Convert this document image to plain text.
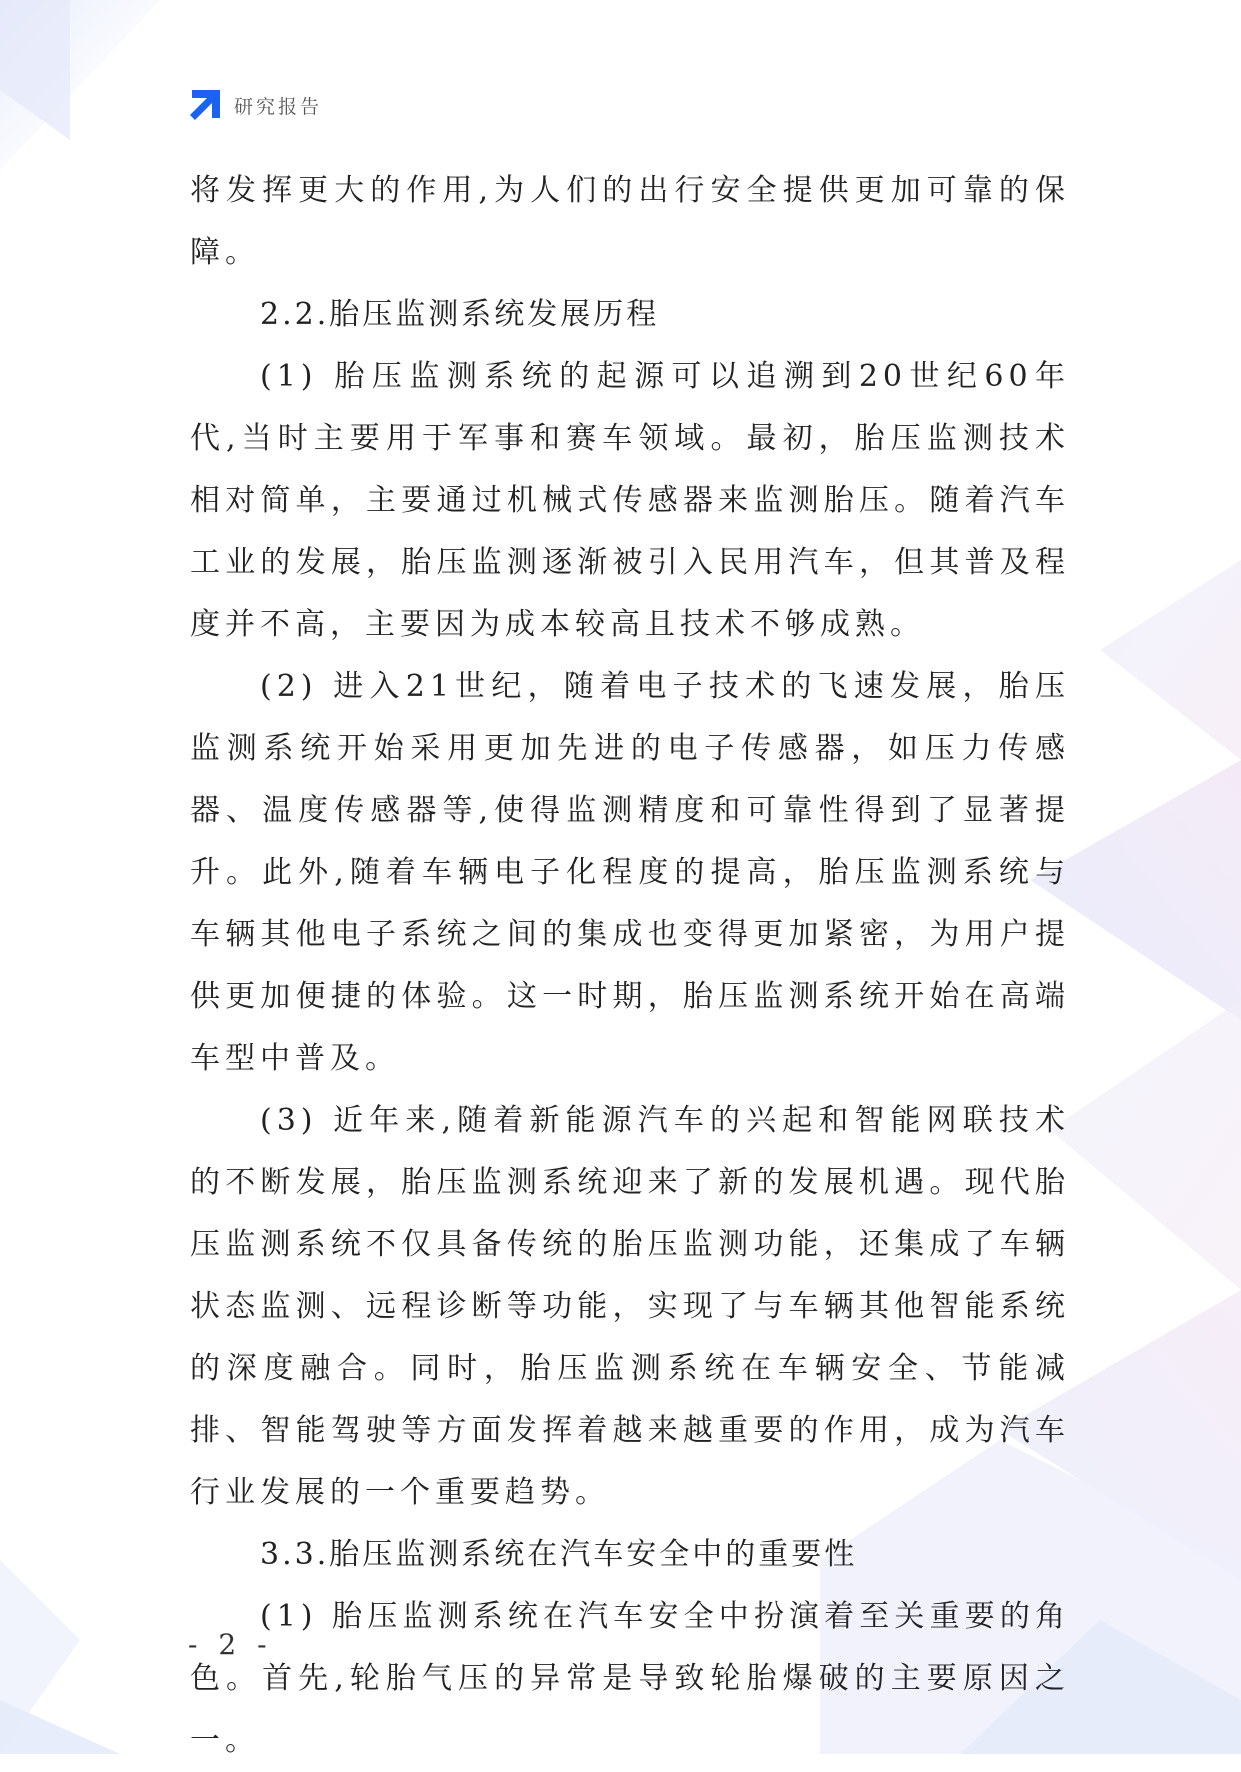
研究报告

将发挥更大的作用,为人们的出行安全提供更加可靠的保障。

2.2.胎压监测系统发展历程

(1) 胎压监测系统的起源可以追溯到20世纪60年代,当时主要用于军事和赛车领域。最初，胎压监测技术相对简单，主要通过机械式传感器来监测胎压。随着汽车工业的发展，胎压监测逐渐被引入民用汽车，但其普及程度并不高，主要因为成本较高且技术不够成熟。

(2) 进入21世纪，随着电子技术的飞速发展，胎压监测系统开始采用更加先进的电子传感器，如压力传感器、温度传感器等,使得监测精度和可靠性得到了显著提升。此外,随着车辆电子化程度的提高，胎压监测系统与车辆其他电子系统之间的集成也变得更加紧密，为用户提供更加便捷的体验。这一时期，胎压监测系统开始在高端车型中普及。

(3) 近年来,随着新能源汽车的兴起和智能网联技术的不断发展，胎压监测系统迎来了新的发展机遇。现代胎压监测系统不仅具备传统的胎压监测功能，还集成了车辆状态监测、远程诊断等功能，实现了与车辆其他智能系统的深度融合。同时，胎压监测系统在车辆安全、节能减排、智能驾驶等方面发挥着越来越重要的作用，成为汽车行业发展的一个重要趋势。

3.3.胎压监测系统在汽车安全中的重要性

(1) 胎压监测系统在汽车安全中扮演着至关重要的角色。首先,轮胎气压的异常是导致轮胎爆破的主要原因之一。

- 2 -
